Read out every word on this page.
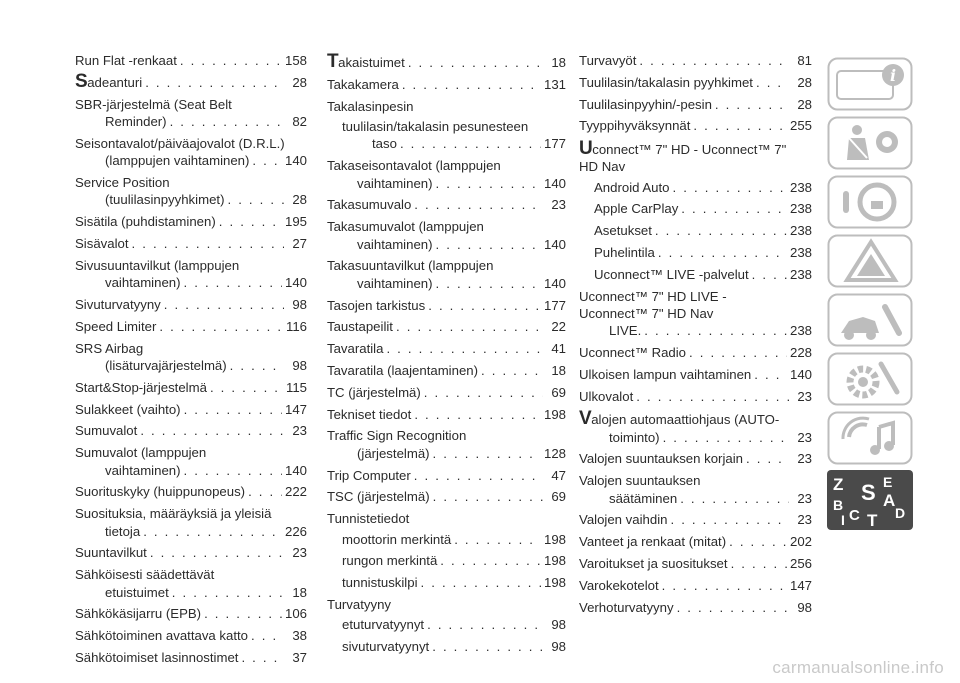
Run Flat -renkaat . . .	158
Sadeanturi . . .	28
SBR-järjestelmä (Seat Belt
Reminder) . . .	82
Seisontavalot/päiväajovalot (D.R.L.)
(lamppujen vaihtaminen) . . .	140
Service Position
(tuulilasinpyyhkimet) . . .	28
Sisätila (puhdistaminen) . . .	195
Sisävalot . . .	27
Sivusuuntavilkut (lamppujen
vaihtaminen) . . .	140
Sivuturvatyyny . . .	98
Speed Limiter . . .	116
SRS Airbag
(lisäturvajärjestelmä) . . .	98
Start&Stop-järjestelmä . . .	115
Sulakkeet (vaihto) . . .	147
Sumuvalot . . .	23
Sumuvalot (lamppujen
vaihtaminen) . . .	140
Suorituskyky (huippunopeus) . . .	222
Suosituksia, määräyksiä ja yleisiä
tietoja . . .	226
Suuntavilkut . . .	23
Sähköisesti säädettävät
etuistuimet . . .	18
Sähkökäsijarru (EPB) . . .	106
Sähkötoiminen avattava katto . . .	38
Sähkötoimiset lasinnostimet . . .	37
Takaistuimet . . .	18
Takakamera . . .	131
Takalasinpesin
tuulilasin/takalasin pesunesteen
taso . . .	177
Takaseisontavalot (lamppujen
vaihtaminen) . . .	140
Takasumuvalo . . .	23
Takasumuvalot (lamppujen
vaihtaminen) . . .	140
Takasuuntavilkut (lamppujen
vaihtaminen) . . .	140
Tasojen tarkistus . . .	177
Taustapeilit . . .	22
Tavaratila . . .	41
Tavaratila (laajentaminen) . . .	18
TC (järjestelmä) . . .	69
Tekniset tiedot . . .	198
Traffic Sign Recognition
(järjestelmä) . . .	128
Trip Computer . . .	47
TSC (järjestelmä) . . .	69
Tunnistetiedot
moottorin merkintä . . .	198
rungon merkintä . . .	198
tunnistuskilpi . . .	198
Turvatyyny
etuturvatyynyt . . .	98
sivuturvatyynyt . . .	98
Turvavyöt . . .	81
Tuulilasin/takalasin pyyhkimet . . .	28
Tuulilasinpyyhin/-pesin . . .	28
Tyyppihyväksynnät . . .	255
Uconnect™ 7" HD - Uconnect™ 7"
HD Nav
Android Auto . . .	238
Apple CarPlay . . .	238
Asetukset . . .	238
Puhelintila . . .	238
Uconnect™ LIVE -palvelut . . .	238
Uconnect™ 7" HD LIVE -
Uconnect™ 7" HD Nav
LIVE. . . .	238
Uconnect™ Radio . . .	228
Ulkoisen lampun vaihtaminen . . .	140
Ulkovalot . . .	23
Valojen automaattiohjaus (AUTO-
toiminto) . . .	23
Valojen suuntauksen korjain . . .	23
Valojen suuntauksen
säätäminen . . .	23
Valojen vaihdin . . .	23
Vanteet ja renkaat (mitat) . . .	202
Varoitukset ja suositukset . . .	256
Varokekotelot . . .	147
Verhoturvatyyny . . .	98
i
Z	E
S A
B
C
I	D
T
carmanualsonline.info
